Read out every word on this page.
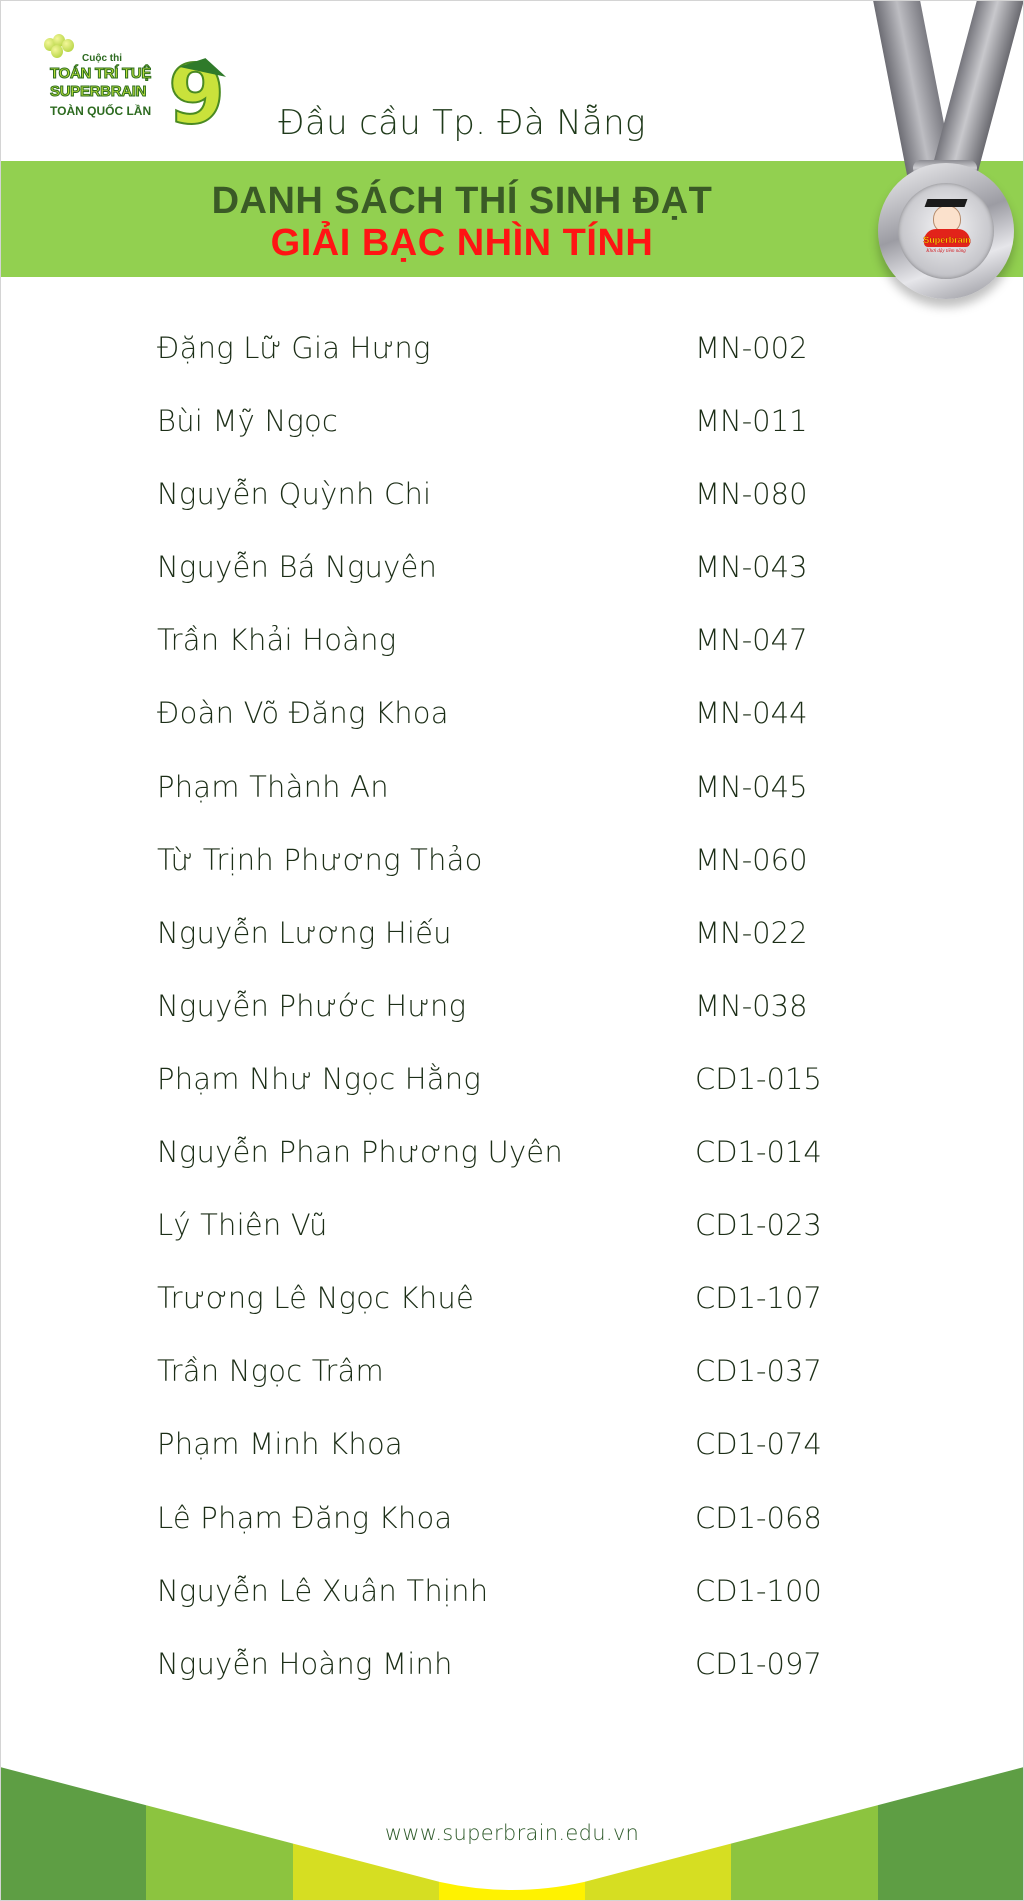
Cuộc thi
TOÁN TRÍ TUỆ
SUPERBRAIN
TOÀN QUỐC LẦN 9	Đầu cầu Tp. Đà Nẵng
DANH SÁCH THÍ SINH ĐẠT
GIẢI BẠC NHÌN TÍNH	Superbrain
Khơi dậy tiềm năng
Đặng Lữ Gia Hưng	MN-002
Bùi Mỹ Ngọc	MN-011
Nguyễn Quỳnh Chi	MN-080
Nguyễn Bá Nguyên	MN-043
Trần Khải Hoàng	MN-047
Đoàn Võ Đăng Khoa	MN-044
Phạm Thành An	MN-045
Từ Trịnh Phương Thảo	MN-060
Nguyễn Lương Hiếu	MN-022
Nguyễn Phước Hưng	MN-038
Phạm Như Ngọc Hằng	CD1-015
Nguyễn Phan Phương Uyên	CD1-014
Lý Thiên Vũ	CD1-023
Trương Lê Ngọc Khuê	CD1-107
Trần Ngọc Trâm	CD1-037
Phạm Minh Khoa	CD1-074
Lê Phạm Đăng Khoa	CD1-068
Nguyễn Lê Xuân Thịnh	CD1-100
Nguyễn Hoàng Minh	CD1-097
www.superbrain.edu.vn
